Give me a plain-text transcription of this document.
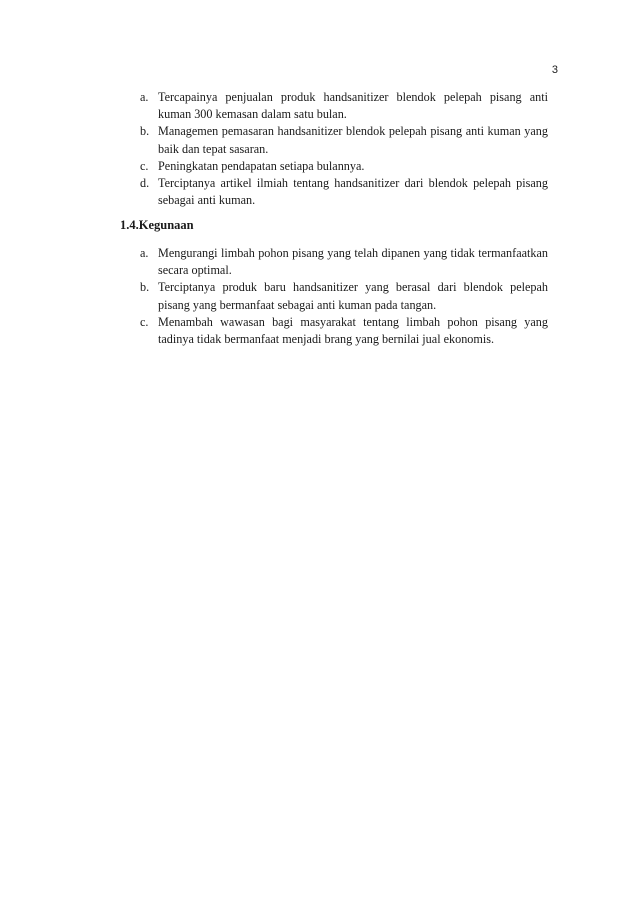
3
a. Tercapainya penjualan produk handsanitizer blendok pelepah pisang anti kuman 300 kemasan dalam satu bulan.
b. Managemen pemasaran handsanitizer blendok pelepah pisang anti kuman yang baik dan tepat sasaran.
c. Peningkatan pendapatan setiapa bulannya.
d. Terciptanya artikel ilmiah tentang handsanitizer dari blendok pelepah pisang sebagai anti kuman.
1.4.Kegunaan
a. Mengurangi limbah pohon pisang yang telah dipanen yang tidak termanfaatkan secara optimal.
b. Terciptanya produk baru handsanitizer yang berasal dari blendok pelepah pisang yang bermanfaat sebagai anti kuman pada tangan.
c. Menambah wawasan bagi masyarakat tentang limbah pohon pisang yang tadinya tidak bermanfaat menjadi brang yang bernilai jual ekonomis.
